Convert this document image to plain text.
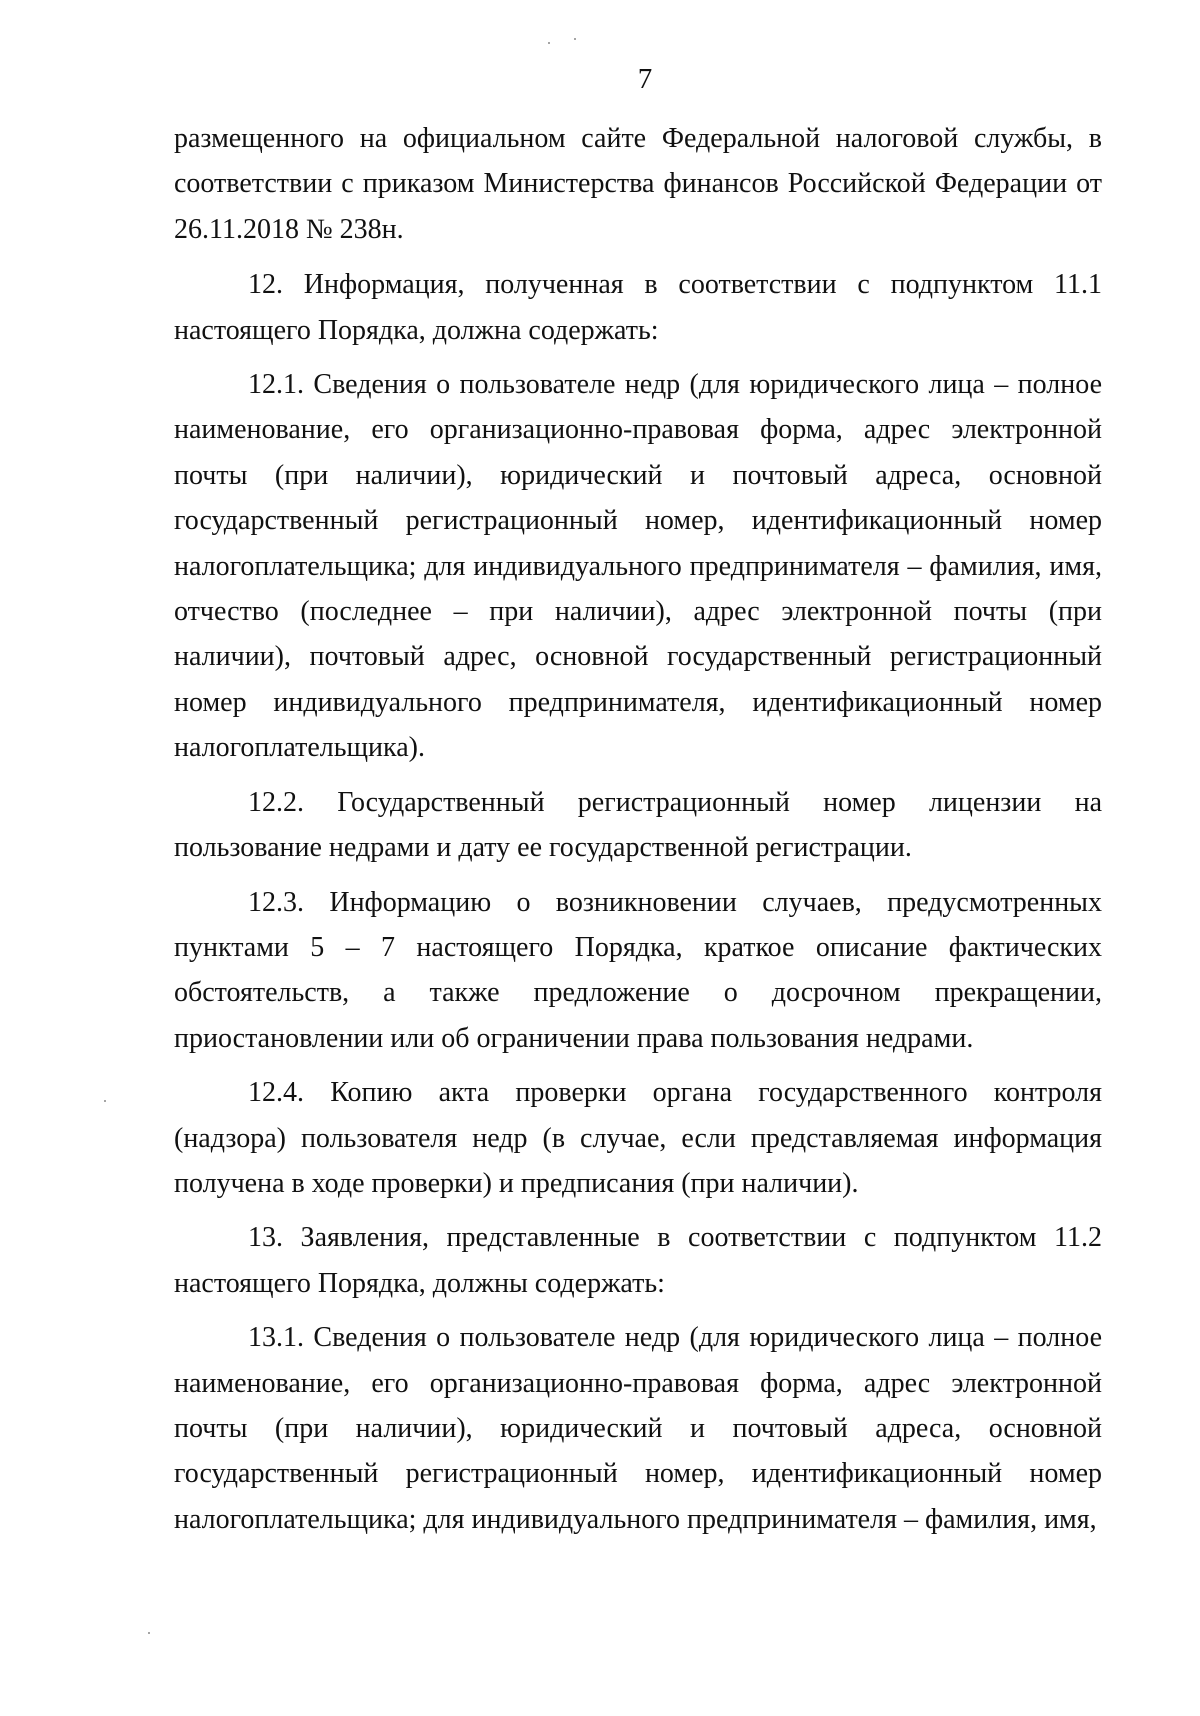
7

размещенного на официальном сайте Федеральной налоговой службы, в соответствии с приказом Министерства финансов Российской Федерации от 26.11.2018 № 238н.

12. Информация, полученная в соответствии с подпунктом 11.1 настоящего Порядка, должна содержать:

12.1. Сведения о пользователе недр (для юридического лица – полное наименование, его организационно-правовая форма, адрес электронной почты (при наличии), юридический и почтовый адреса, основной государственный регистрационный номер, идентификационный номер налогоплательщика; для индивидуального предпринимателя – фамилия, имя, отчество (последнее – при наличии), адрес электронной почты (при наличии), почтовый адрес, основной государственный регистрационный номер индивидуального предпринимателя, идентификационный номер налогоплательщика).

12.2. Государственный регистрационный номер лицензии на пользование недрами и дату ее государственной регистрации.

12.3. Информацию о возникновении случаев, предусмотренных пунктами 5 – 7 настоящего Порядка, краткое описание фактических обстоятельств, а также предложение о досрочном прекращении, приостановлении или об ограничении права пользования недрами.

12.4. Копию акта проверки органа государственного контроля (надзора) пользователя недр (в случае, если представляемая информация получена в ходе проверки) и предписания (при наличии).

13. Заявления, представленные в соответствии с подпунктом 11.2 настоящего Порядка, должны содержать:

13.1. Сведения о пользователе недр (для юридического лица – полное наименование, его организационно-правовая форма, адрес электронной почты (при наличии), юридический и почтовый адреса, основной государственный регистрационный номер, идентификационный номер налогоплательщика; для индивидуального предпринимателя – фамилия, имя,
